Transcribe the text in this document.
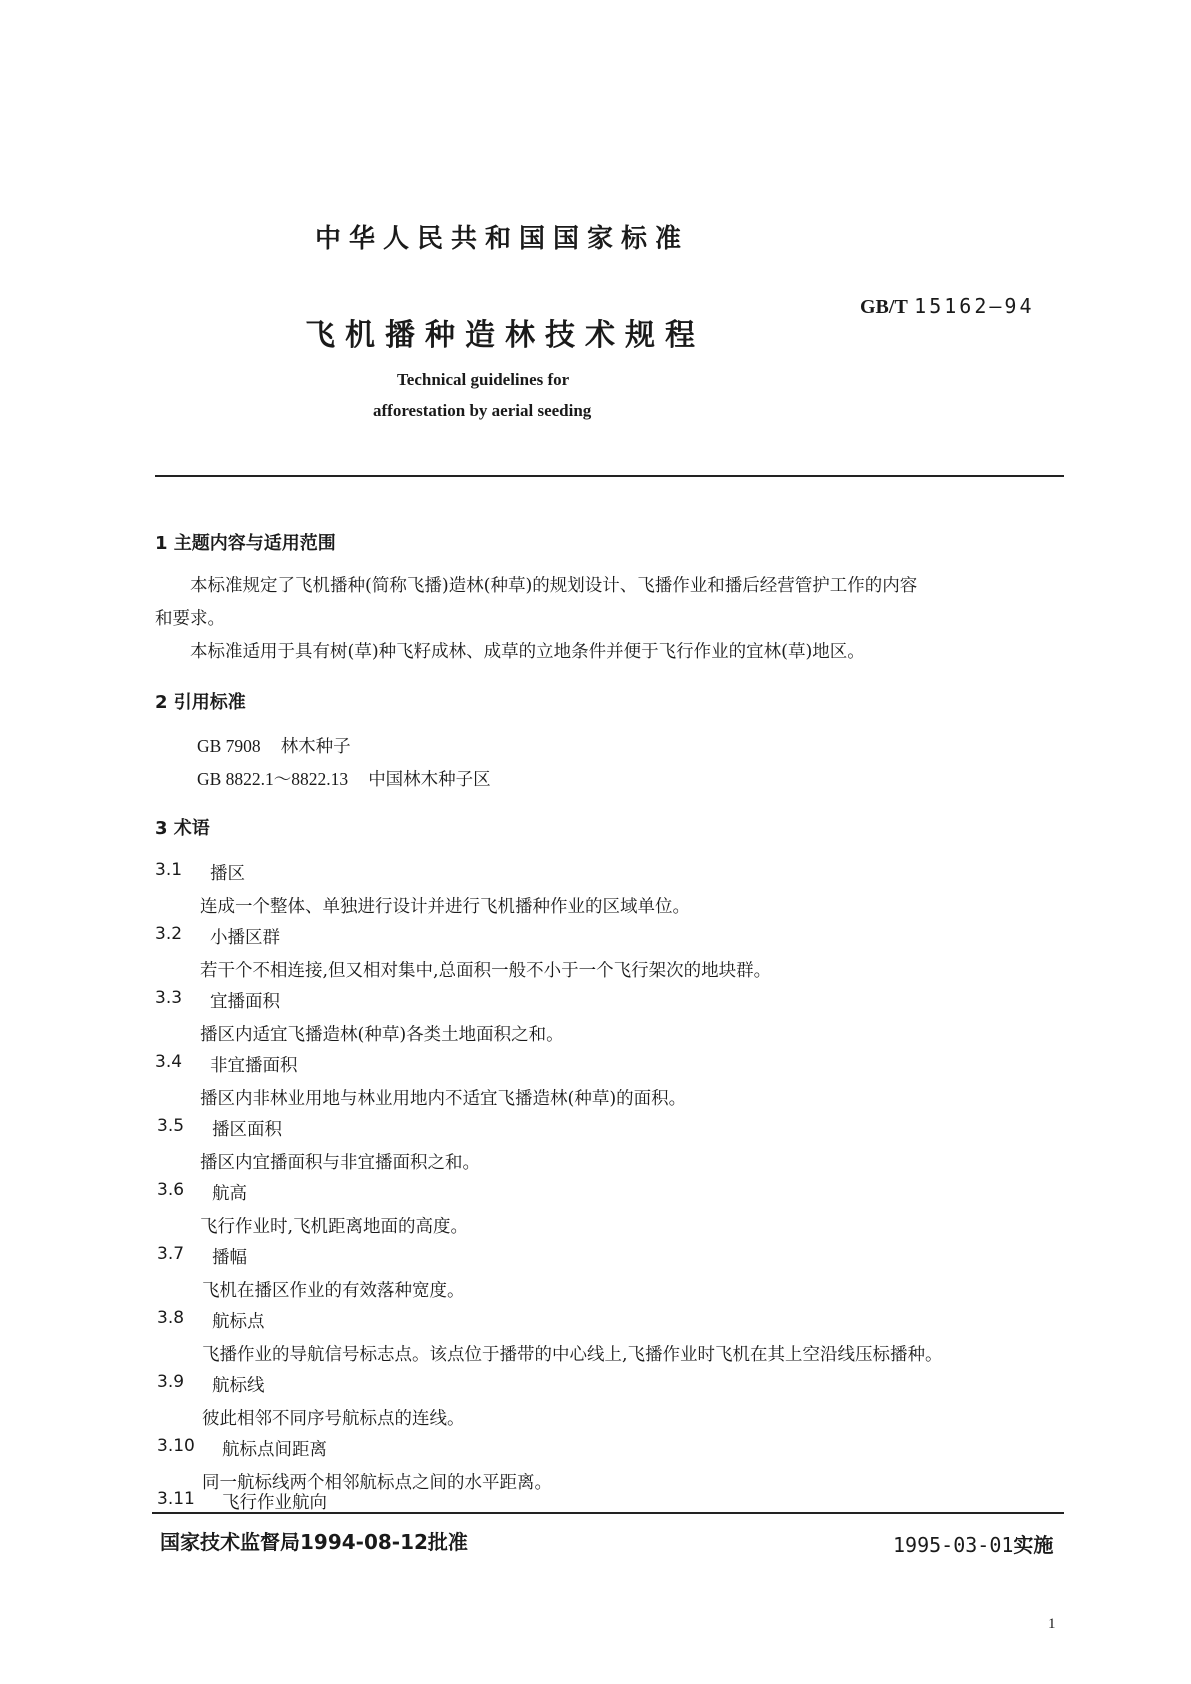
中华人民共和国国家标准
飞机播种造林技术规程
GB/T 15162—94
Technical guidelines for
afforestation by aerial seeding
1 主题内容与适用范围
本标准规定了飞机播种(简称飞播)造林(种草)的规划设计、飞播作业和播后经营管护工作的内容
和要求。
本标准适用于具有树(草)种飞籽成林、成草的立地条件并便于飞行作业的宜林(草)地区。
2 引用标准
GB 7908 林木种子
GB 8822.1～8822.13 中国林木种子区
3 术语
3.1 播区
连成一个整体、单独进行设计并进行飞机播种作业的区域单位。
3.2 小播区群
若干个不相连接,但又相对集中,总面积一般不小于一个飞行架次的地块群。
3.3 宜播面积
播区内适宜飞播造林(种草)各类土地面积之和。
3.4 非宜播面积
播区内非林业用地与林业用地内不适宜飞播造林(种草)的面积。
3.5 播区面积
播区内宜播面积与非宜播面积之和。
3.6 航高
飞行作业时,飞机距离地面的高度。
3.7 播幅
飞机在播区作业的有效落种宽度。
3.8 航标点
飞播作业的导航信号标志点。该点位于播带的中心线上,飞播作业时飞机在其上空沿线压标播种。
3.9 航标线
彼此相邻不同序号航标点的连线。
3.10 航标点间距离
同一航标线两个相邻航标点之间的水平距离。
3.11 飞行作业航向
国家技术监督局1994-08-12批准	1995-03-01实施
1
